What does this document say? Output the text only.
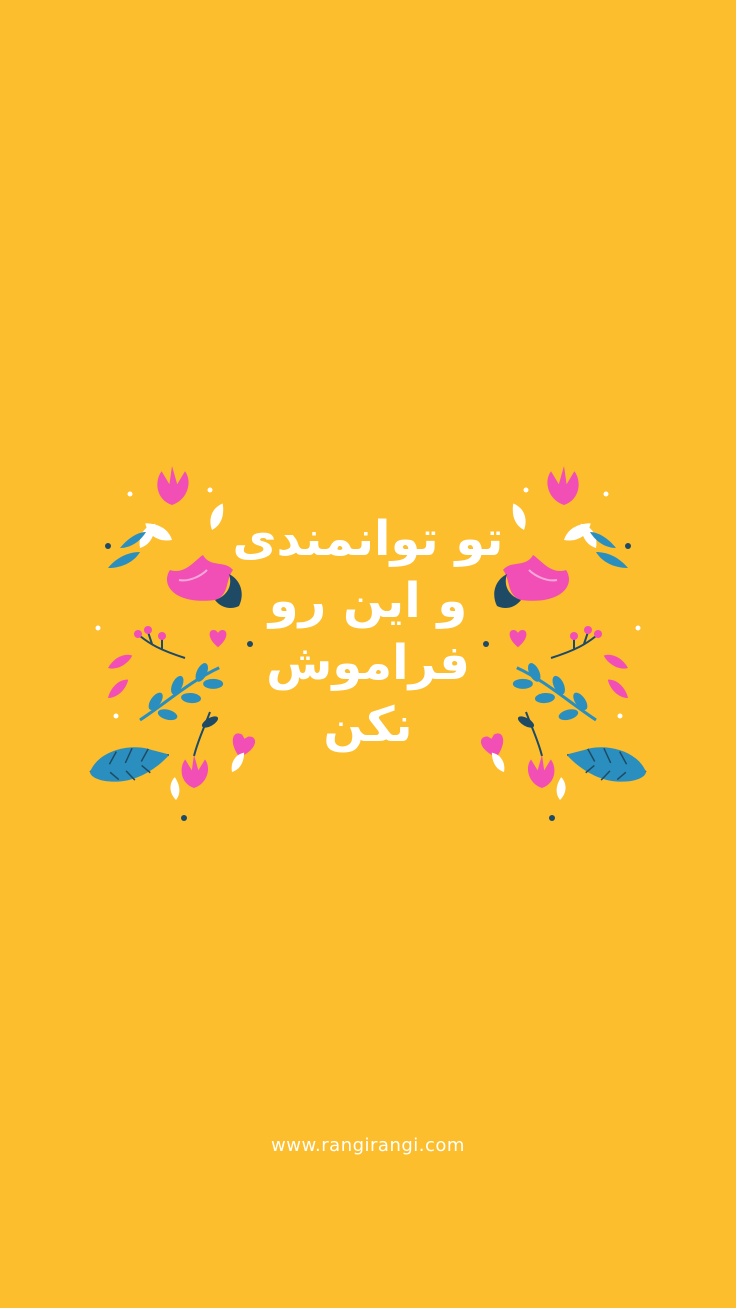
تو توانمندی
و این رو
فراموش
نکن
www.rangirangi.com
